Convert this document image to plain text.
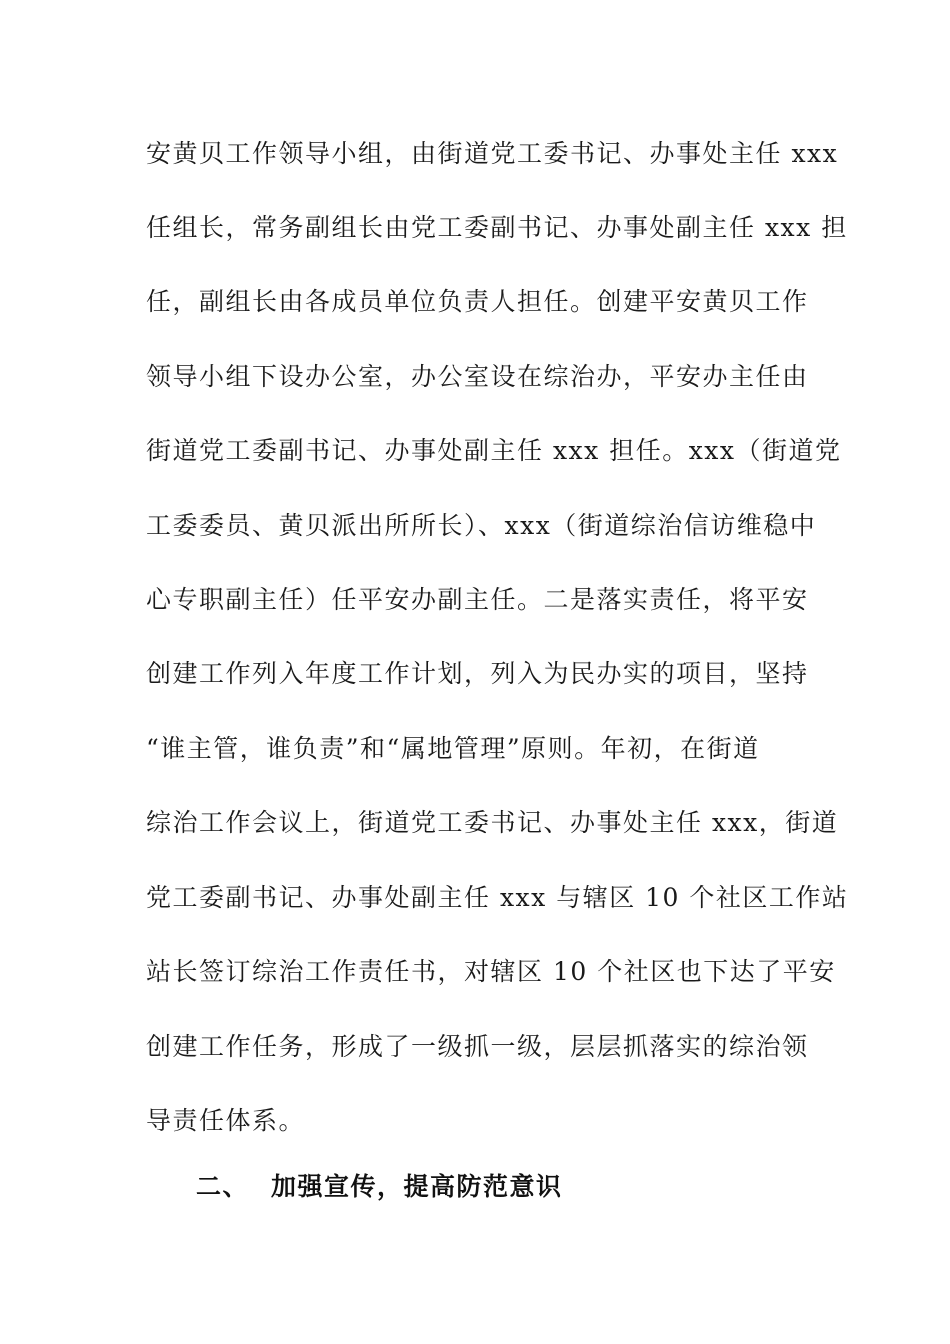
安黄贝工作领导小组，由街道党工委书记、办事处主任 xxx
任组长，常务副组长由党工委副书记、办事处副主任 xxx 担
任，副组长由各成员单位负责人担任。创建平安黄贝工作
领导小组下设办公室，办公室设在综治办，平安办主任由
街道党工委副书记、办事处副主任 xxx 担任。xxx（街道党
工委委员、黄贝派出所所长）、xxx（街道综治信访维稳中
心专职副主任）任平安办副主任。二是落实责任，将平安
创建工作列入年度工作计划，列入为民办实的项目，坚持
“谁主管，谁负责”和“属地管理”原则。年初，在街道
综治工作会议上，街道党工委书记、办事处主任 xxx，街道
党工委副书记、办事处副主任 xxx 与辖区 10 个社区工作站
站长签订综治工作责任书，对辖区 10 个社区也下达了平安
创建工作任务，形成了一级抓一级，层层抓落实的综治领
导责任体系。
二、 加强宣传，提高防范意识
